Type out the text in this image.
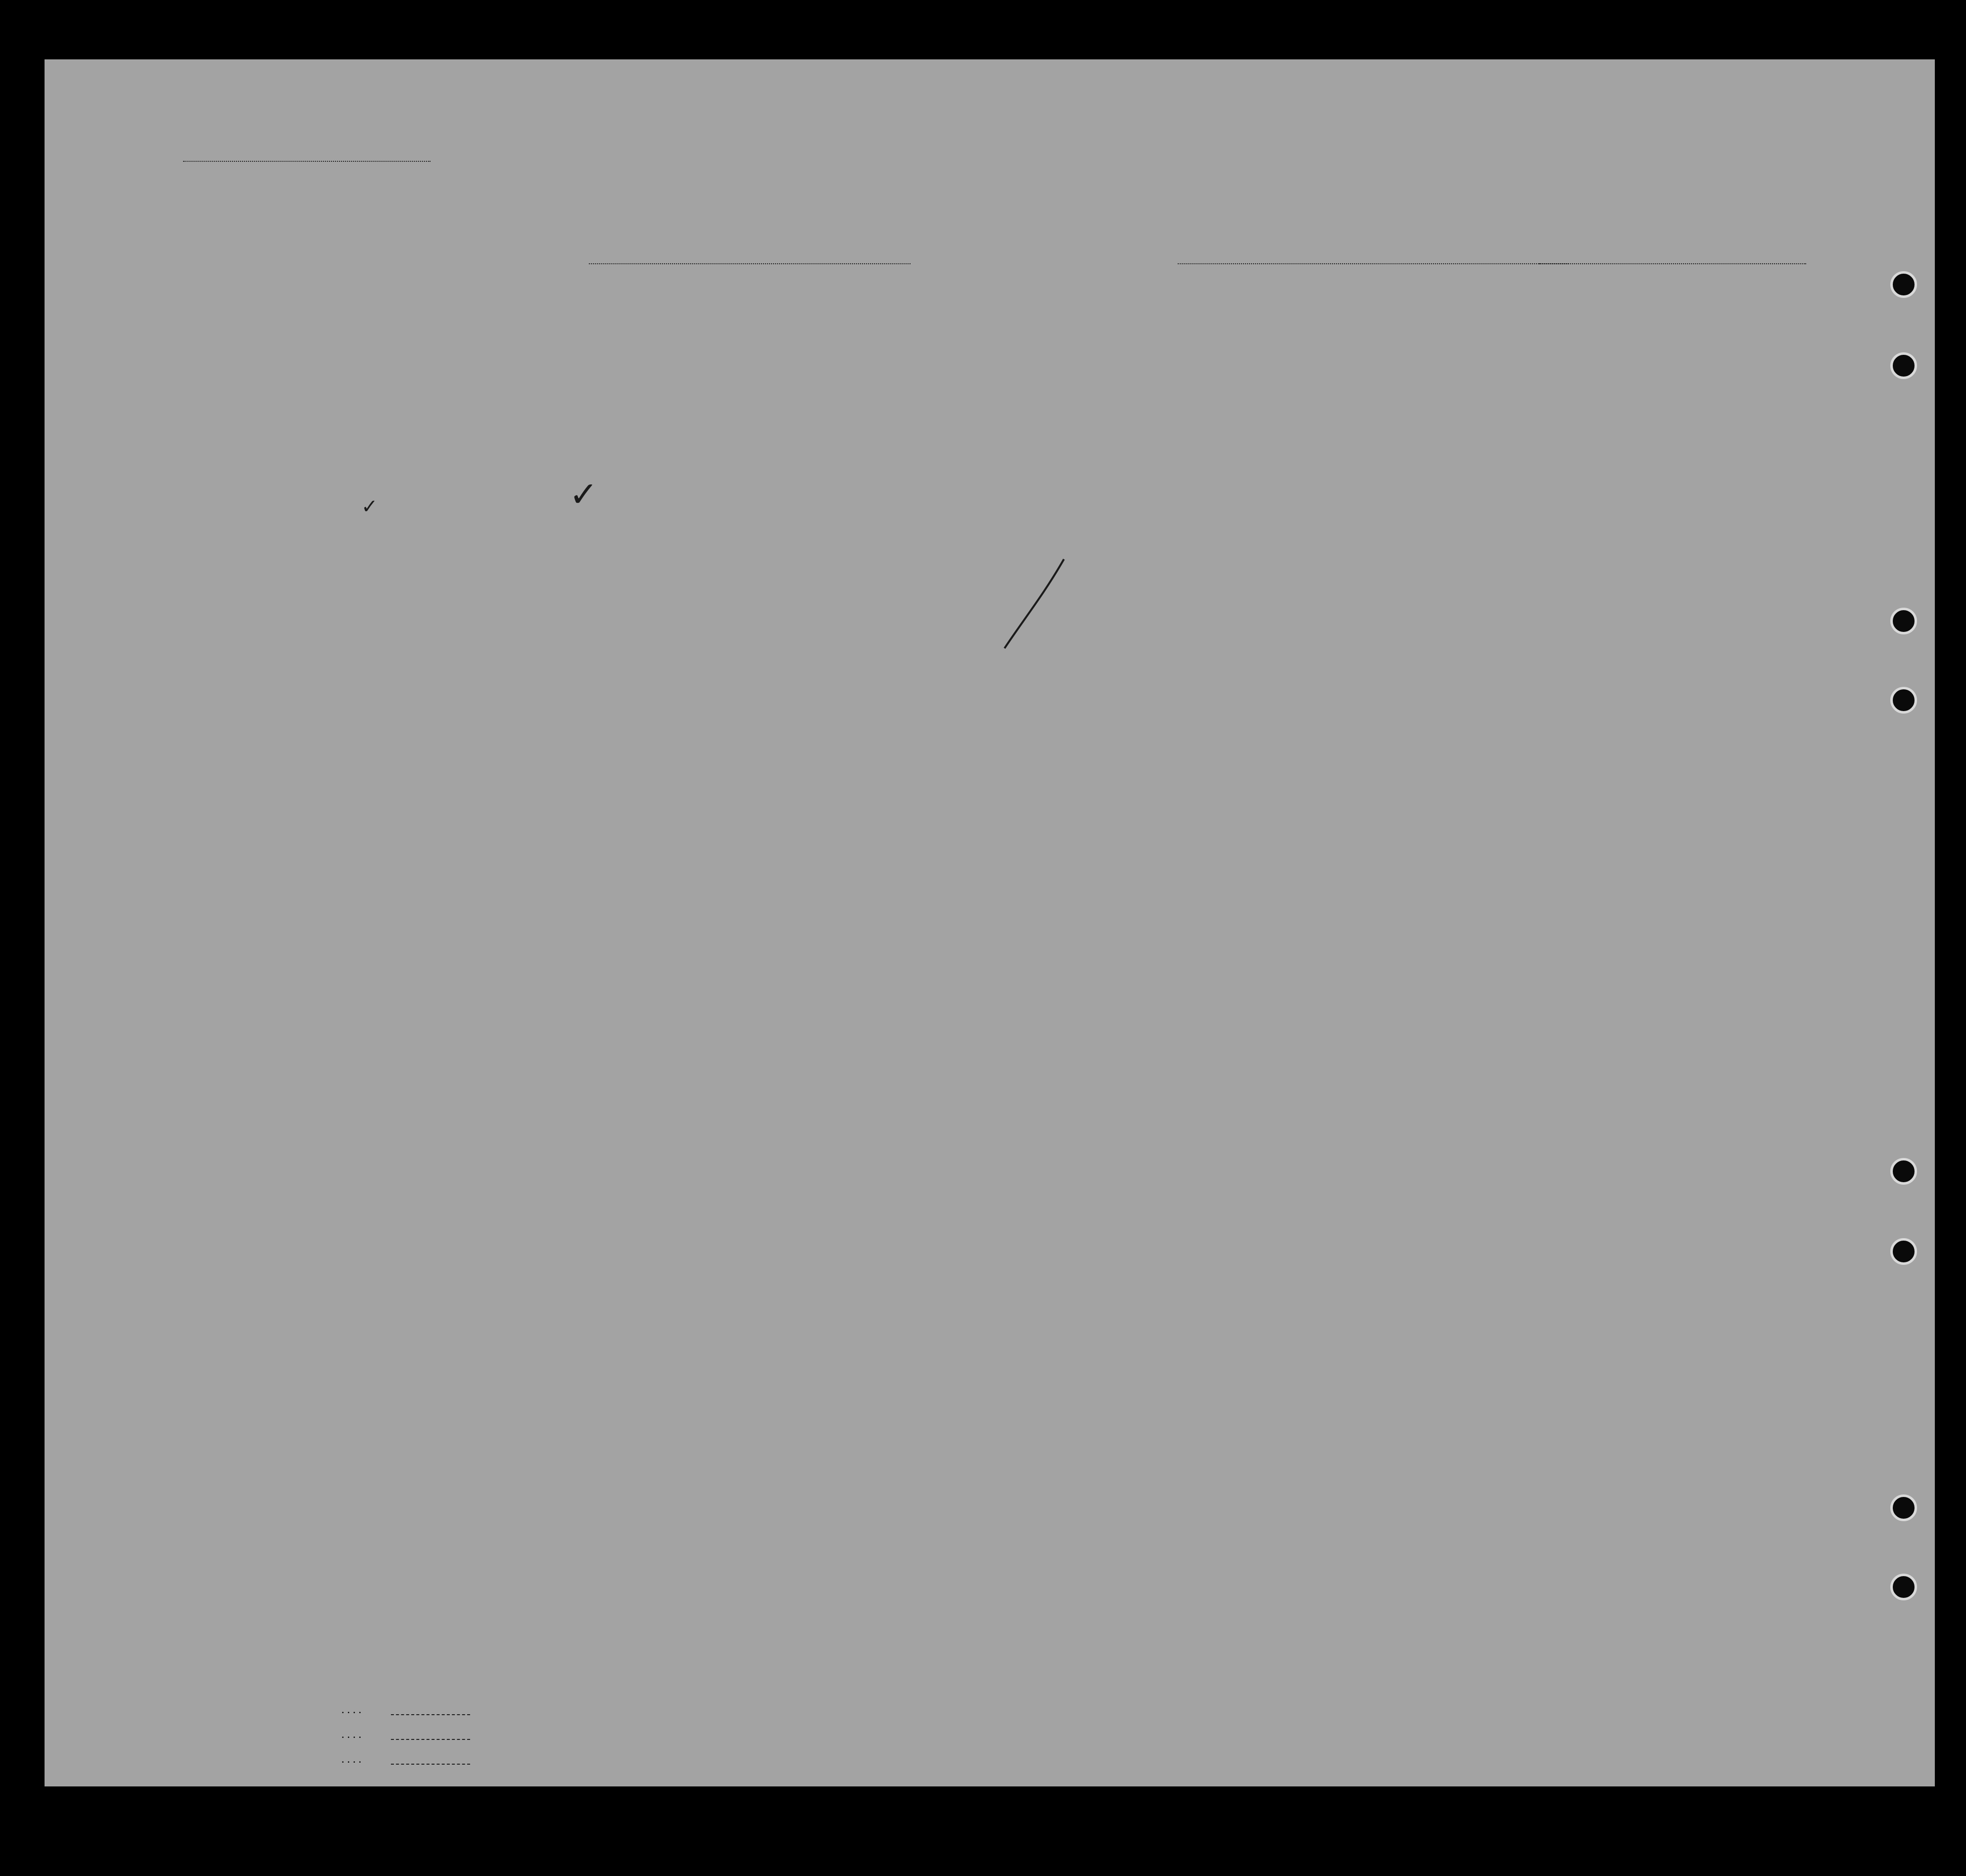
✓	✓
. . . .
. . . .
. . . .
